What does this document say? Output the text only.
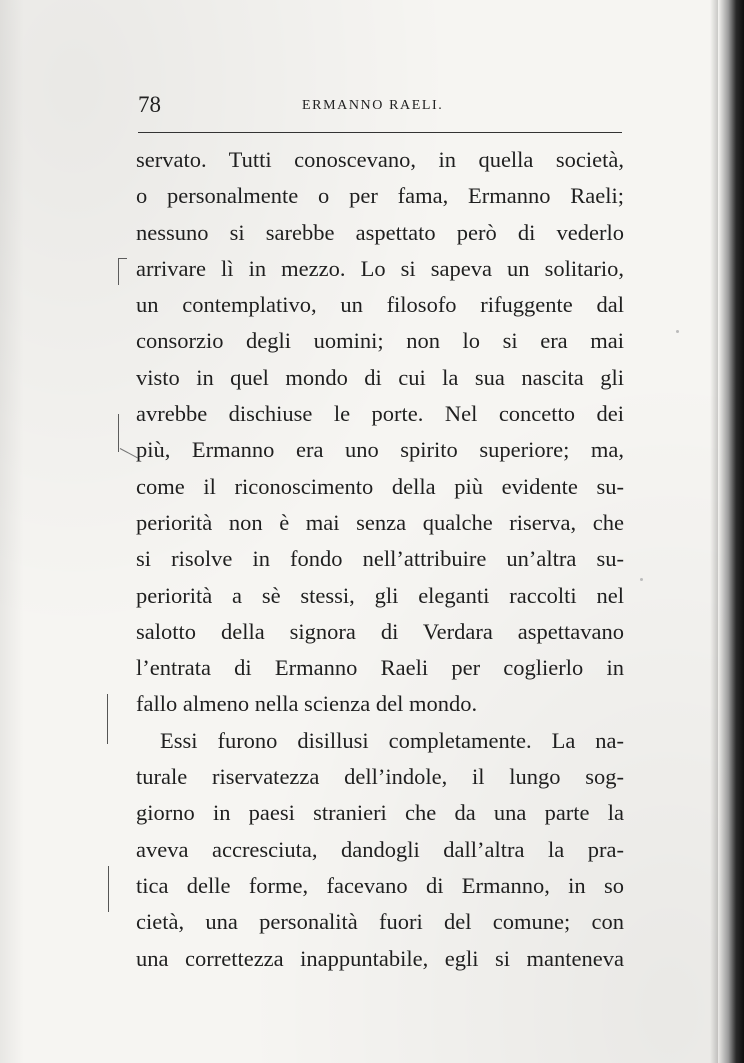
78	ERMANNO RAELI.
servato. Tutti conoscevano, in quella società,
o personalmente o per fama, Ermanno Raeli;
nessuno si sarebbe aspettato però di vederlo
arrivare lì in mezzo. Lo si sapeva un solitario,
un contemplativo, un filosofo rifuggente dal
consorzio degli uomini; non lo si era mai
visto in quel mondo di cui la sua nascita gli
avrebbe dischiuse le porte. Nel concetto dei
più, Ermanno era uno spirito superiore; ma,
come il riconoscimento della più evidente su-
periorità non è mai senza qualche riserva, che
si risolve in fondo nell’attribuire un’altra su-
periorità a sè stessi, gli eleganti raccolti nel
salotto della signora di Verdara aspettavano
l’entrata di Ermanno Raeli per coglierlo in
fallo almeno nella scienza del mondo.
Essi furono disillusi completamente. La na-
turale riservatezza dell’indole, il lungo sog-
giorno in paesi stranieri che da una parte la
aveva accresciuta, dandogli dall’altra la pra-
tica delle forme, facevano di Ermanno, in so
cietà, una personalità fuori del comune; con
una correttezza inappuntabile, egli si manteneva
